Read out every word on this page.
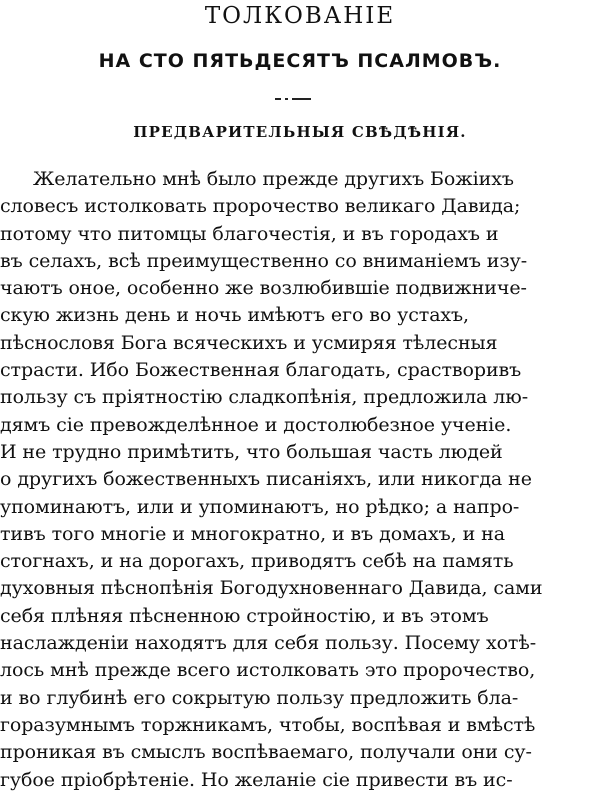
ТОЛКОВАНІЕ
НА СТО ПЯТЬДЕСЯТЪ ПСАЛМОВЪ.
ПРЕДВАРИТЕЛЬНЫЯ СВѢДѢНІЯ.
Желательно мнѣ было прежде другихъ Божіихъ
словесъ истолковать пророчество великаго Давида;
потому что питомцы благочестія, и въ городахъ и
въ селахъ, всѣ преимущественно со вниманіемъ изу-
чаютъ оное, особенно же возлюбившіе подвижниче-
скую жизнь день и ночь имѣютъ его во устахъ,
пѣснословя Бога всяческихъ и усмиряя тѣлесныя
страсти. Ибо Божественная благодать, срастворивъ
пользу съ пріятностію сладкопѣнія, предложила лю-
дямъ сіе превожделѣнное и достолюбезное ученіе.
И не трудно примѣтить, что большая часть людей
о другихъ божественныхъ писаніяхъ, или никогда не
упоминаютъ, или и упоминаютъ, но рѣдко; а напро-
тивъ того многіе и многократно, и въ домахъ, и на
стогнахъ, и на дорогахъ, приводятъ себѣ на память
духовныя пѣснопѣнія Богодухновеннаго Давида, сами
себя плѣняя пѣсненною стройностію, и въ этомъ
наслажденіи находятъ для себя пользу. Посему хотѣ-
лось мнѣ прежде всего истолковать это пророчество,
и во глубинѣ его сокрытую пользу предложить бла-
горазумнымъ торжникамъ, чтобы, воспѣвая и вмѣстѣ
проникая въ смыслъ воспѣваемаго, получали они су-
губое пріобрѣтеніе. Но желаніе сіе привести въ ис-
